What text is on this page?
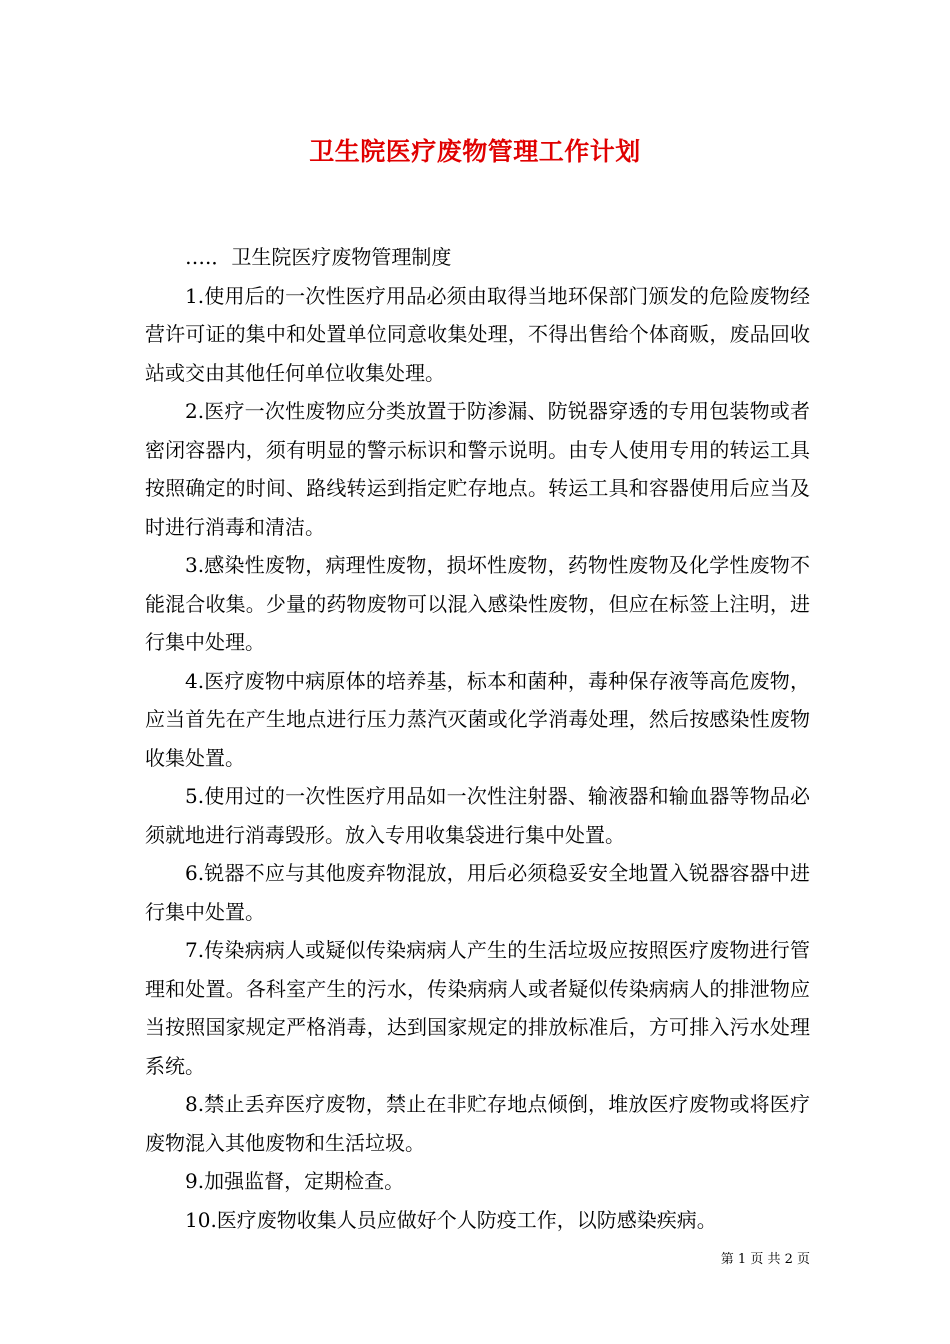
卫生院医疗废物管理工作计划

….．卫生院医疗废物管理制度

1.使用后的一次性医疗用品必须由取得当地环保部门颁发的危险废物经营许可证的集中和处置单位同意收集处理，不得出售给个体商贩，废品回收站或交由其他任何单位收集处理。

2.医疗一次性废物应分类放置于防渗漏、防锐器穿透的专用包装物或者密闭容器内，须有明显的警示标识和警示说明。由专人使用专用的转运工具按照确定的时间、路线转运到指定贮存地点。转运工具和容器使用后应当及时进行消毒和清洁。

3.感染性废物，病理性废物，损坏性废物，药物性废物及化学性废物不能混合收集。少量的药物废物可以混入感染性废物，但应在标签上注明，进行集中处理。

4.医疗废物中病原体的培养基，标本和菌种，毒种保存液等高危废物，应当首先在产生地点进行压力蒸汽灭菌或化学消毒处理，然后按感染性废物收集处置。

5.使用过的一次性医疗用品如一次性注射器、输液器和输血器等物品必须就地进行消毒毁形。放入专用收集袋进行集中处置。

6.锐器不应与其他废弃物混放，用后必须稳妥安全地置入锐器容器中进行集中处置。

7.传染病病人或疑似传染病病人产生的生活垃圾应按照医疗废物进行管理和处置。各科室产生的污水，传染病病人或者疑似传染病病人的排泄物应当按照国家规定严格消毒，达到国家规定的排放标准后，方可排入污水处理系统。

8.禁止丢弃医疗废物，禁止在非贮存地点倾倒，堆放医疗废物或将医疗废物混入其他废物和生活垃圾。

9.加强监督，定期检查。

10.医疗废物收集人员应做好个人防疫工作，以防感染疾病。

第 1 页 共 2 页
